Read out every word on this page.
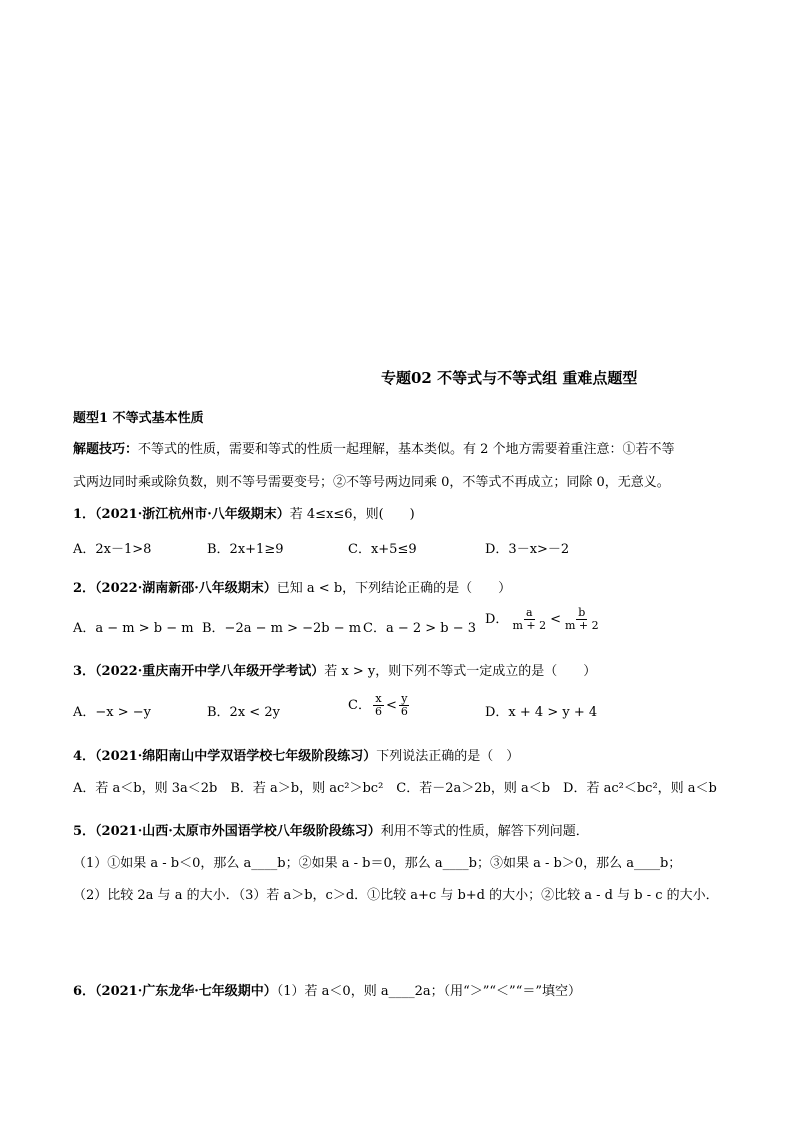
专题02 不等式与不等式组 重难点题型
题型1 不等式基本性质
解题技巧：不等式的性质，需要和等式的性质一起理解，基本类似。有 2 个地方需要着重注意：①若不等
式两边同时乘或除负数，则不等号需要变号；②不等号两边同乘 0，不等式不再成立；同除 0，无意义。
1．（2021·浙江杭州市·八年级期末）若 4≤x≤6，则(　　)
A．2x－1>8	B．2x+1≥9	C．x+5≤9	D．3－x>－2
2．（2022·湖南新邵·八年级期末）已知 a < b，下列结论正确的是（　　）
A．a − m > b − m B．−2a − m > −2b − m C．a − 2 > b − 3
D． $\frac{a}{m + 2} < \frac{b}{m + 2}$
3．（2022·重庆南开中学八年级开学考试）若 x > y，则下列不等式一定成立的是（　　）
A．−x > −y	B．2x < 2y	C． $\frac{x}{6} < \frac{y}{6}$	D．x + 4 > y + 4
4．（2021·绵阳南山中学双语学校七年级阶段练习）下列说法正确的是（　）
A．若 a＜b，则 3a＜2b　B．若 a＞b，则 ac²＞bc²　C．若－2a＞2b，则 a＜b　D．若 ac²＜bc²，则 a＜b
5．（2021·山西·太原市外国语学校八年级阶段练习）利用不等式的性质，解答下列问题．
（1）①如果 a - b＜0，那么 a____b；②如果 a - b＝0，那么 a____b；③如果 a - b＞0，那么 a____b；
（2）比较 2a 与 a 的大小．（3）若 a＞b，c＞d．①比较 a+c 与 b+d 的大小；②比较 a - d 与 b - c 的大小．
6．（2021·广东龙华·七年级期中）（1）若 a＜0，则 a____2a；（用“＞”“＜”“＝”填空）
